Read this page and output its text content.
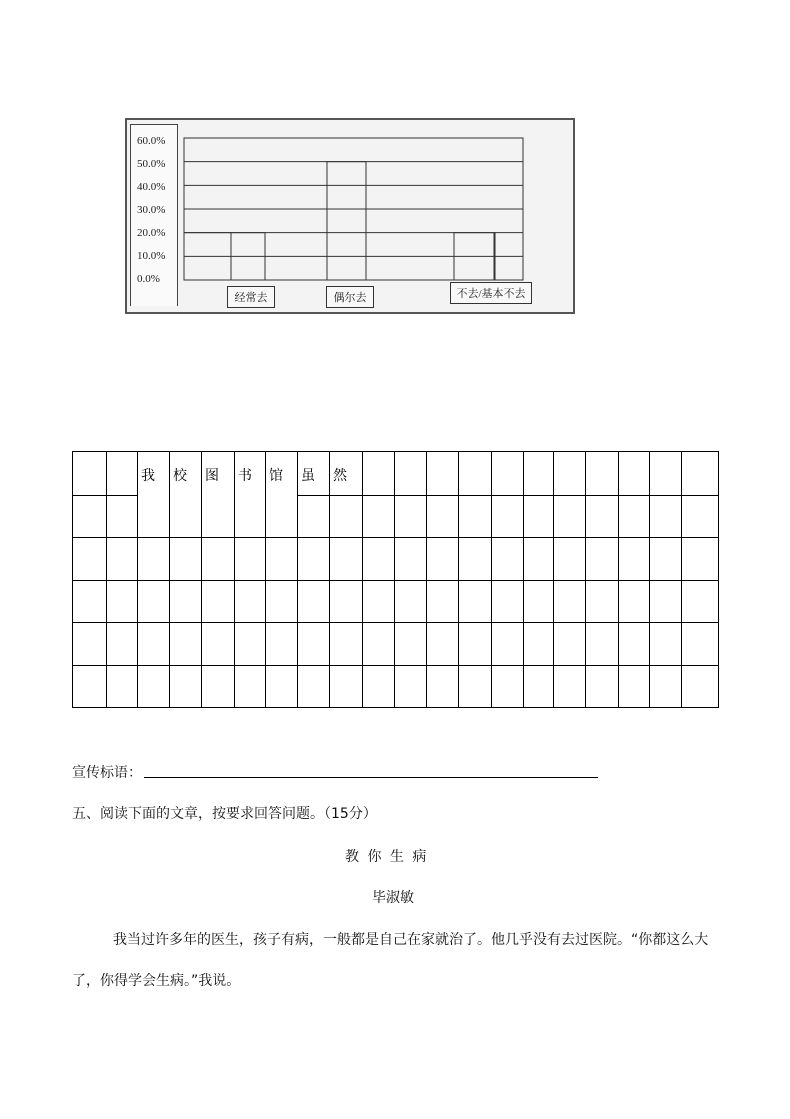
60.0%
50.0%
40.0%
30.0%
20.0%
10.0%
0.0%
经常去	偶尔去	不去/基本不去
我 校 图 书 馆 虽 然
宣传标语：
五、阅读下面的文章，按要求回答问题。（15分）
教 你 生 病
毕淑敏
我当过许多年的医生，孩子有病，一般都是自己在家就治了。他几乎没有去过医院。“你都这么大
了，你得学会生病。”我说。
